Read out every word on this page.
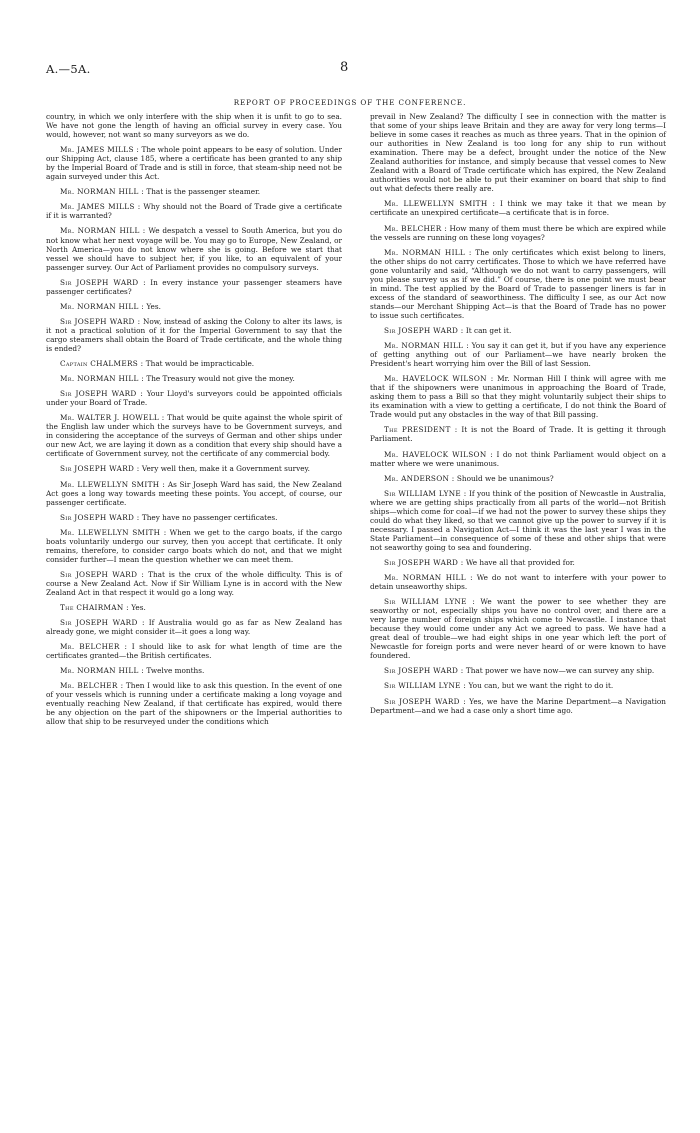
A.—5A.	8
REPORT OF PROCEEDINGS OF THE CONFERENCE.

country, in which we only interfere with the ship when it is unfit to go to sea. We have not gone the length of having an official survey in every case. You would, however, not want so many surveyors as we do.

Mr. JAMES MILLS : The whole point appears to be easy of solution. Under our Shipping Act, clause 185, where a certificate has been granted to any ship by the Imperial Board of Trade and is still in force, that steam-ship need not be again surveyed under this Act.

Mr. NORMAN HILL : That is the passenger steamer.

Mr. JAMES MILLS : Why should not the Board of Trade give a certificate if it is warranted?

Mr. NORMAN HILL : We despatch a vessel to South America, but you do not know what her next voyage will be. You may go to Europe, New Zealand, or North America—you do not know where she is going. Before we start that vessel we should have to subject her, if you like, to an equivalent of your passenger survey. Our Act of Parliament provides no compulsory surveys.

Sir JOSEPH WARD : In every instance your passenger steamers have passenger certificates?

Mr. NORMAN HILL : Yes.

Sir JOSEPH WARD : Now, instead of asking the Colony to alter its laws, is it not a practical solution of it for the Imperial Government to say that the cargo steamers shall obtain the Board of Trade certificate, and the whole thing is ended?

Captain CHALMERS : That would be impracticable.

Mr. NORMAN HILL : The Treasury would not give the money.

Sir JOSEPH WARD : Your Lloyd's surveyors could be appointed officials under your Board of Trade.

Mr. WALTER J. HOWELL : That would be quite against the whole spirit of the English law under which the surveys have to be Government surveys, and in considering the acceptance of the surveys of German and other ships under our new Act, we are laying it down as a condition that every ship should have a certificate of Government survey, not the certificate of any commercial body.

Sir JOSEPH WARD : Very well then, make it a Government survey.

Mr. LLEWELLYN SMITH : As Sir Joseph Ward has said, the New Zealand Act goes a long way towards meeting these points. You accept, of course, our passenger certificate.

Sir JOSEPH WARD : They have no passenger certificates.

Mr. LLEWELLYN SMITH : When we get to the cargo boats, if the cargo boats voluntarily undergo our survey, then you accept that certificate. It only remains, therefore, to consider cargo boats which do not, and that we might consider further—I mean the question whether we can meet them.

Sir JOSEPH WARD : That is the crux of the whole difficulty. This is of course a New Zealand Act. Now if Sir William Lyne is in accord with the New Zealand Act in that respect it would go a long way.

The CHAIRMAN : Yes.

Sir JOSEPH WARD : If Australia would go as far as New Zealand has already gone, we might consider it—it goes a long way.

Mr. BELCHER : I should like to ask for what length of time are the certificates granted—the British certificates.

Mr. NORMAN HILL : Twelve months.

Mr. BELCHER : Then I would like to ask this question. In the event of one of your vessels which is running under a certificate making a long voyage and eventually reaching New Zealand, if that certificate has expired, would there be any objection on the part of the shipowners or the Imperial authorities to allow that ship to be resurveyed under the conditions which

prevail in New Zealand? The difficulty I see in connection with the matter is that some of your ships leave Britain and they are away for very long terms—I believe in some cases it reaches as much as three years. That in the opinion of our authorities in New Zealand is too long for any ship to run without examination. There may be a defect, brought under the notice of the New Zealand authorities for instance, and simply because that vessel comes to New Zealand with a Board of Trade certificate which has expired, the New Zealand authorities would not be able to put their examiner on board that ship to find out what defects there really are.

Mr. LLEWELLYN SMITH : I think we may take it that we mean by certificate an unexpired certificate—a certificate that is in force.

Mr. BELCHER : How many of them must there be which are expired while the vessels are running on these long voyages?

Mr. NORMAN HILL : The only certificates which exist belong to liners, the other ships do not carry certificates. Those to which we have referred have gone voluntarily and said, “Although we do not want to carry passengers, will you please survey us as if we did.” Of course, there is one point we must bear in mind. The test applied by the Board of Trade to passenger liners is far in excess of the standard of seaworthiness. The difficulty I see, as our Act now stands—our Merchant Shipping Act—is that the Board of Trade has no power to issue such certificates.

Sir JOSEPH WARD : It can get it.

Mr. NORMAN HILL : You say it can get it, but if you have any experience of getting anything out of our Parliament—we have nearly broken the President's heart worrying him over the Bill of last Session.

Mr. HAVELOCK WILSON : Mr. Norman Hill I think will agree with me that if the shipowners were unanimous in approaching the Board of Trade, asking them to pass a Bill so that they might voluntarily subject their ships to its examination with a view to getting a certificate, I do not think the Board of Trade would put any obstacles in the way of that Bill passing.

The PRESIDENT : It is not the Board of Trade. It is getting it through Parliament.

Mr. HAVELOCK WILSON : I do not think Parliament would object on a matter where we were unanimous.

Mr. ANDERSON : Should we be unanimous?

Sir WILLIAM LYNE : If you think of the position of Newcastle in Australia, where we are getting ships practically from all parts of the world—not British ships—which come for coal—if we had not the power to survey these ships they could do what they liked, so that we cannot give up the power to survey if it is necessary. I passed a Navigation Act—I think it was the last year I was in the State Parliament—in consequence of some of these and other ships that were not seaworthy going to sea and foundering.

Sir JOSEPH WARD : We have all that provided for.

Mr. NORMAN HILL : We do not want to interfere with your power to detain unseaworthy ships.

Sir WILLIAM LYNE : We want the power to see whether they are seaworthy or not, especially ships you have no control over, and there are a very large number of foreign ships which come to Newcastle. I instance that because they would come under any Act we agreed to pass. We have had a great deal of trouble—we had eight ships in one year which left the port of Newcastle for foreign ports and were never heard of or were known to have foundered.

Sir JOSEPH WARD : That power we have now—we can survey any ship.

Sir WILLIAM LYNE : You can, but we want the right to do it.

Sir JOSEPH WARD : Yes, we have the Marine Department—a Navigation Department—and we had a case only a short time ago.
